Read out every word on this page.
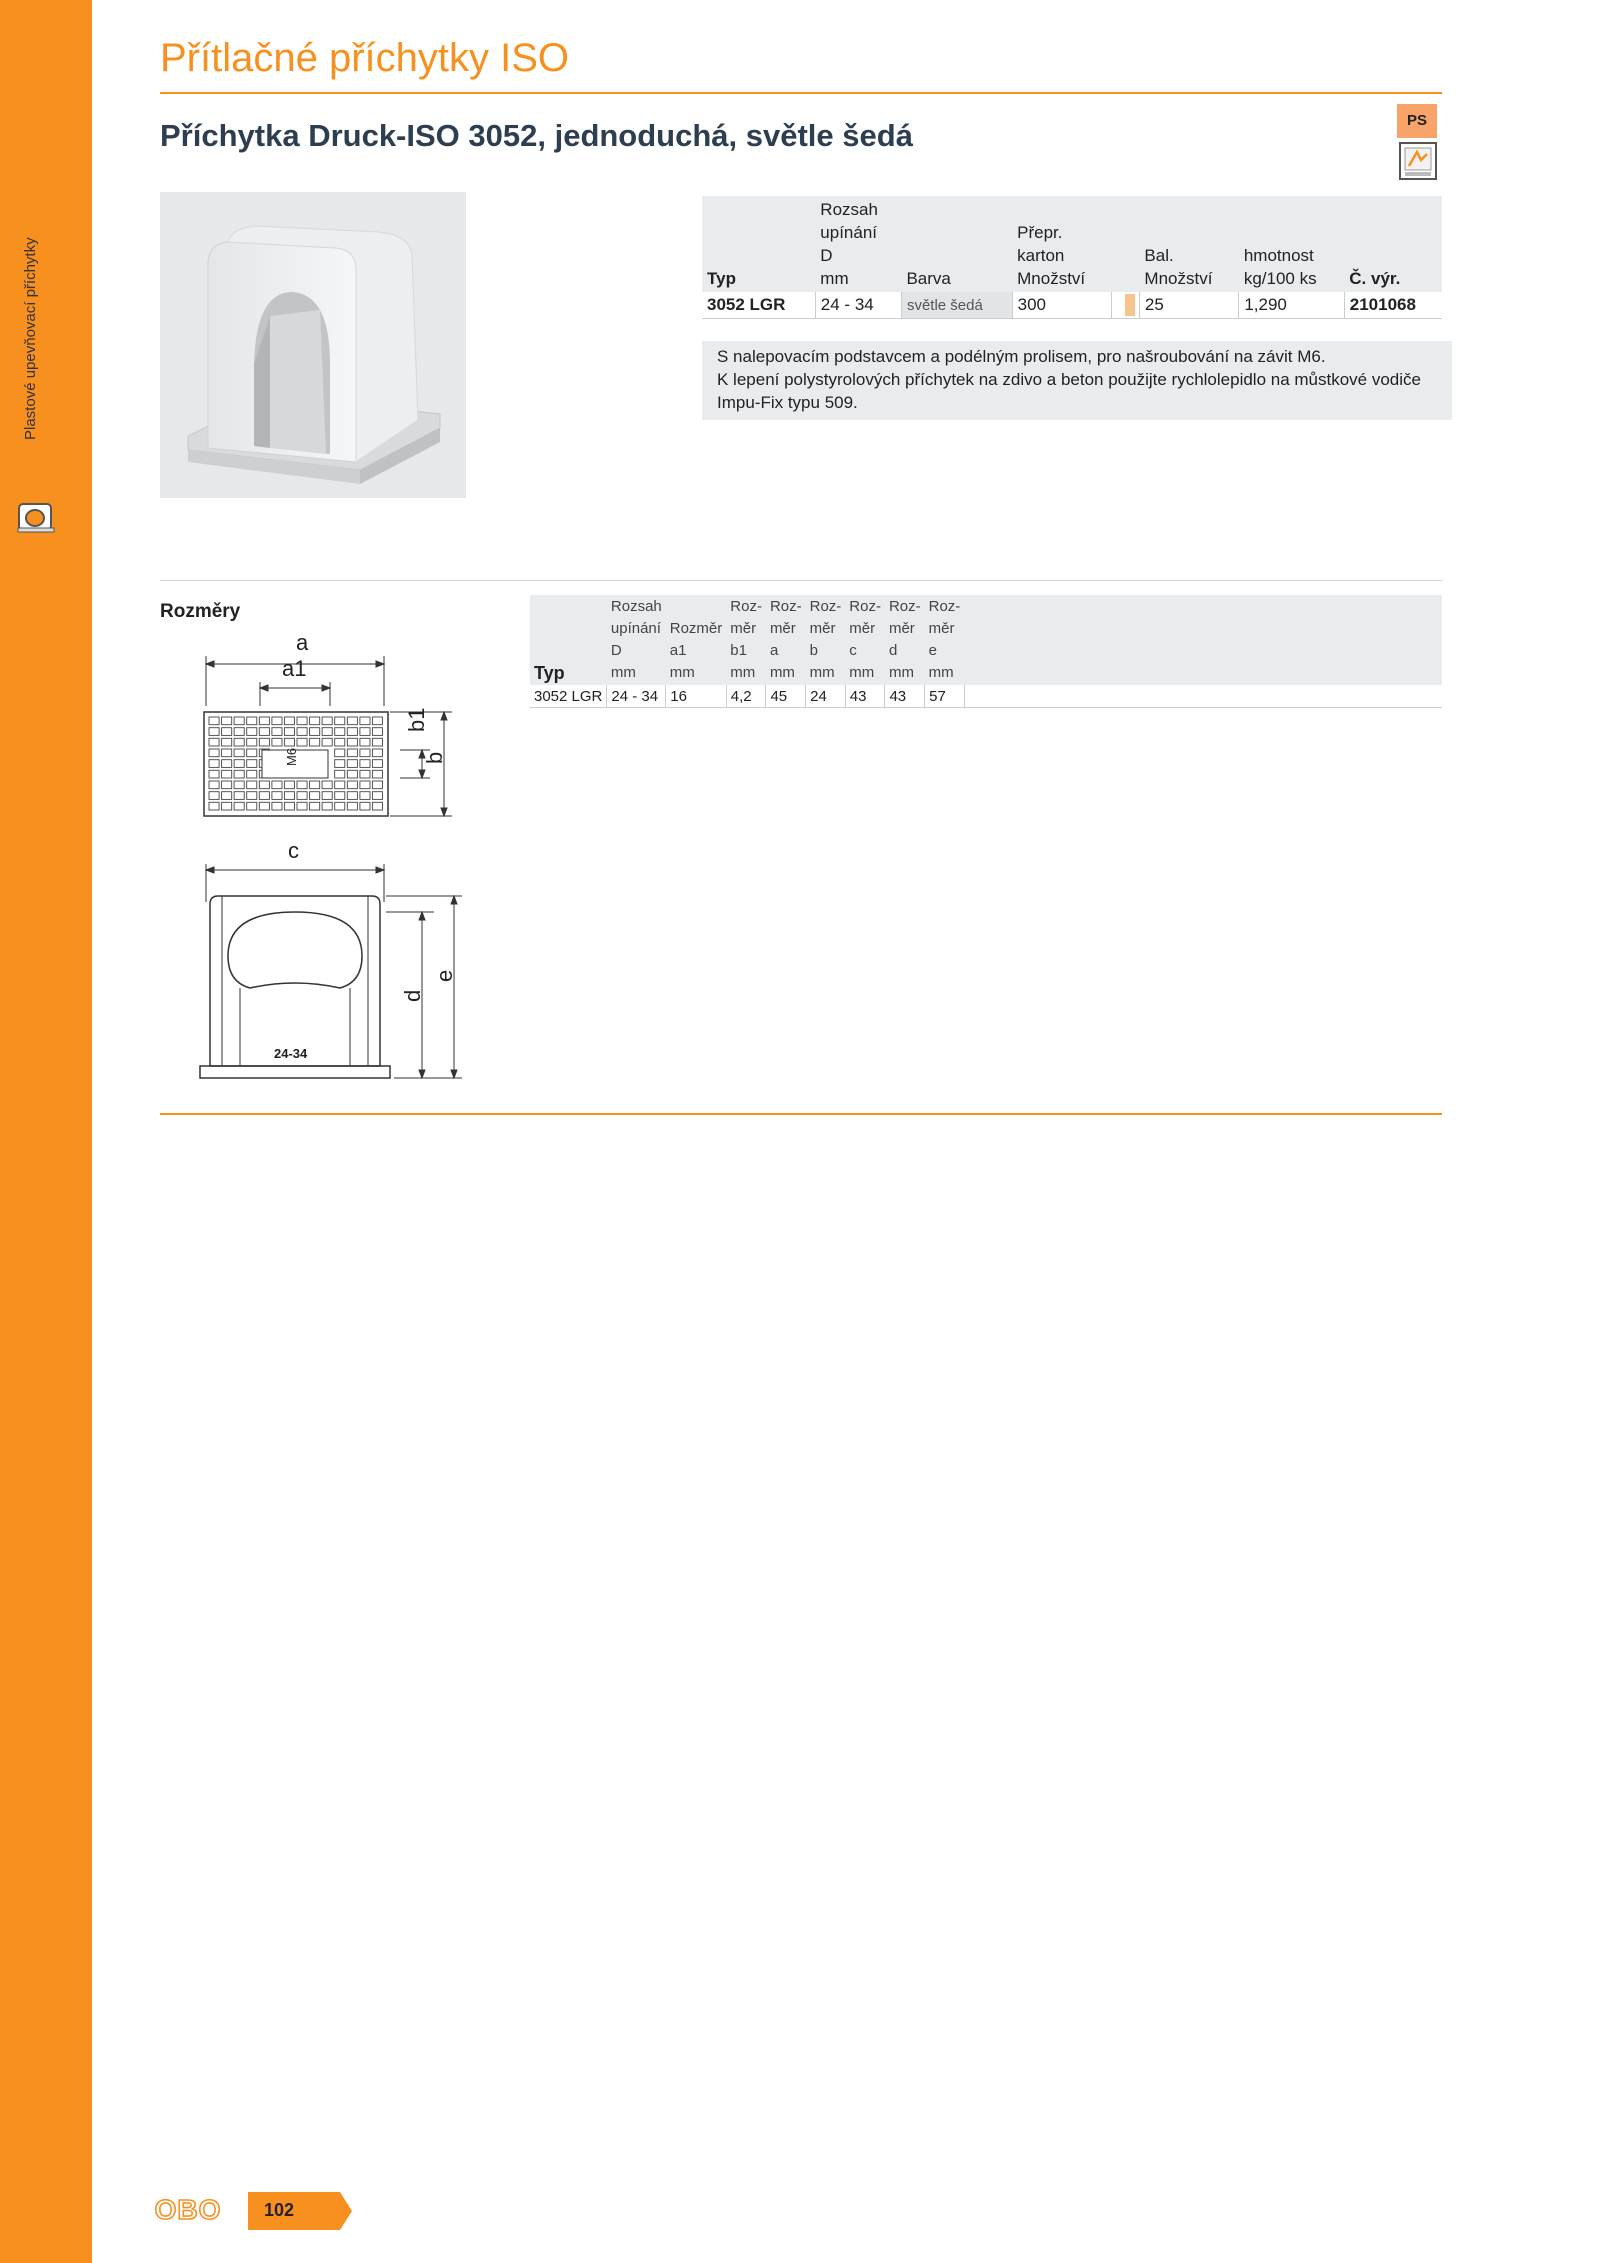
Plastové upevňovací příchytky
Přítlačné příchytky ISO
Příchytka Druck-ISO 3052, jednoduchá, světle šedá	PS
Typ	Rozsah
upínání
D
mm	Barva	Přepr.
karton
Množství			Bal.
Množství	hmotnost
kg/100 ks	Č. výr.
3052 LGR	24 - 34	světle šedá	300			25	1,290	2101068

S nalepovacím podstavcem a podélným prolisem, pro našroubování na závit M6.

K lepení polystyrolových příchytek na zdivo a beton použijte rychlolepidlo na můstkové vodiče Impu-Fix typu 509.

Rozměry
Typ	Rozsah
upínání
D
mm	Rozměr
a1
mm	Roz-
měr
b1
mm	Roz-
měr
a
mm	Roz-
měr
b
mm	Roz-
měr
c
mm	Roz-
měr
d
mm	Roz-
měr
e
mm	
3052 LGR	24 - 34	16	4,2	45	24	43	43	57	
a
a1
M6
b1
b
c
24-34
d
e
OBO 102
